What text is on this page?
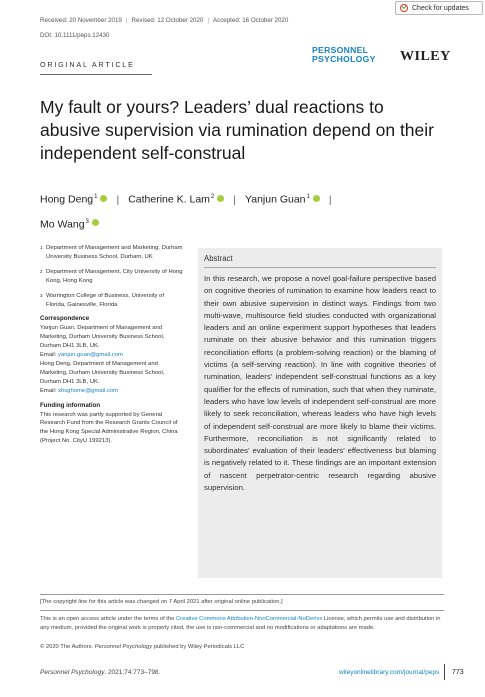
Received: 20 November 2019 | Revised: 12 October 2020 | Accepted: 16 October 2020
DOI: 10.1111/peps.12430
Check for updates
PERSONNEL
PSYCHOLOGY WILEY
ORIGINAL ARTICLE
My fault or yours? Leaders’ dual reactions to abusive supervision via rumination depend on their independent self-construal
Hong Deng$^1$ | Catherine K. Lam$^2$ | Yanjun Guan$^1$ |
Mo Wang$^3$
1 Department of Management and Marketing, Durham University Business School, Durham, UK
2 Department of Management, City University of Hong Kong, Hong Kong
3 Warrington College of Business, University of Florida, Gainesville, Florida
Correspondence
Yanjun Guan, Department of Management and Marketing, Durham University Business School, Durham DH1 3LB, UK.
Email: yanjun.guan@gmail.com
Hong Deng, Department of Management and Marketing, Durham University Business School, Durham DH1 3LB, UK.
Email: xhsghome@gmail.com
Funding information
This research was partly supported by General Research Fund from the Research Grants Council of the Hong Kong Special Administrative Region, China (Project No. CityU 199213).
Abstract
In this research, we propose a novel goal-failure perspective based on cognitive theories of rumination to examine how leaders react to their own abusive supervision in distinct ways. Findings from two multi-wave, multisource field studies conducted with organizational leaders and an online experiment support hypotheses that leaders ruminate on their abusive behavior and this rumination triggers reconciliation efforts (a problem-solving reaction) or the blaming of victims (a self-serving reaction). In line with cognitive theories of rumination, leaders’ independent self-construal functions as a key qualifier for the effects of rumination, such that when they ruminate, leaders who have low levels of independent self-construal are more likely to seek reconciliation, whereas leaders who have high levels of independent self-construal are more likely to blame their victims. Furthermore, reconciliation is not significantly related to subordinates’ evaluation of their leaders’ effectiveness but blaming is negatively related to it. These findings are an important extension of nascent perpetrator-centric research regarding abusive supervision.
[The copyright line for this article was changed on 7 April 2021 after original online publication.]
This is an open access article under the terms of the Creative Commons Attribution-NonCommercial-NoDerivs License, which permits use and distribution in any medium, provided the original work is properly cited, the use is non-commercial and no modifications or adaptations are made.
© 2020 The Authors. Personnel Psychology published by Wiley Periodicals LLC
Personnel Psychology. 2021;74:773–798.	wileyonlinelibrary.com/journal/peps 773
